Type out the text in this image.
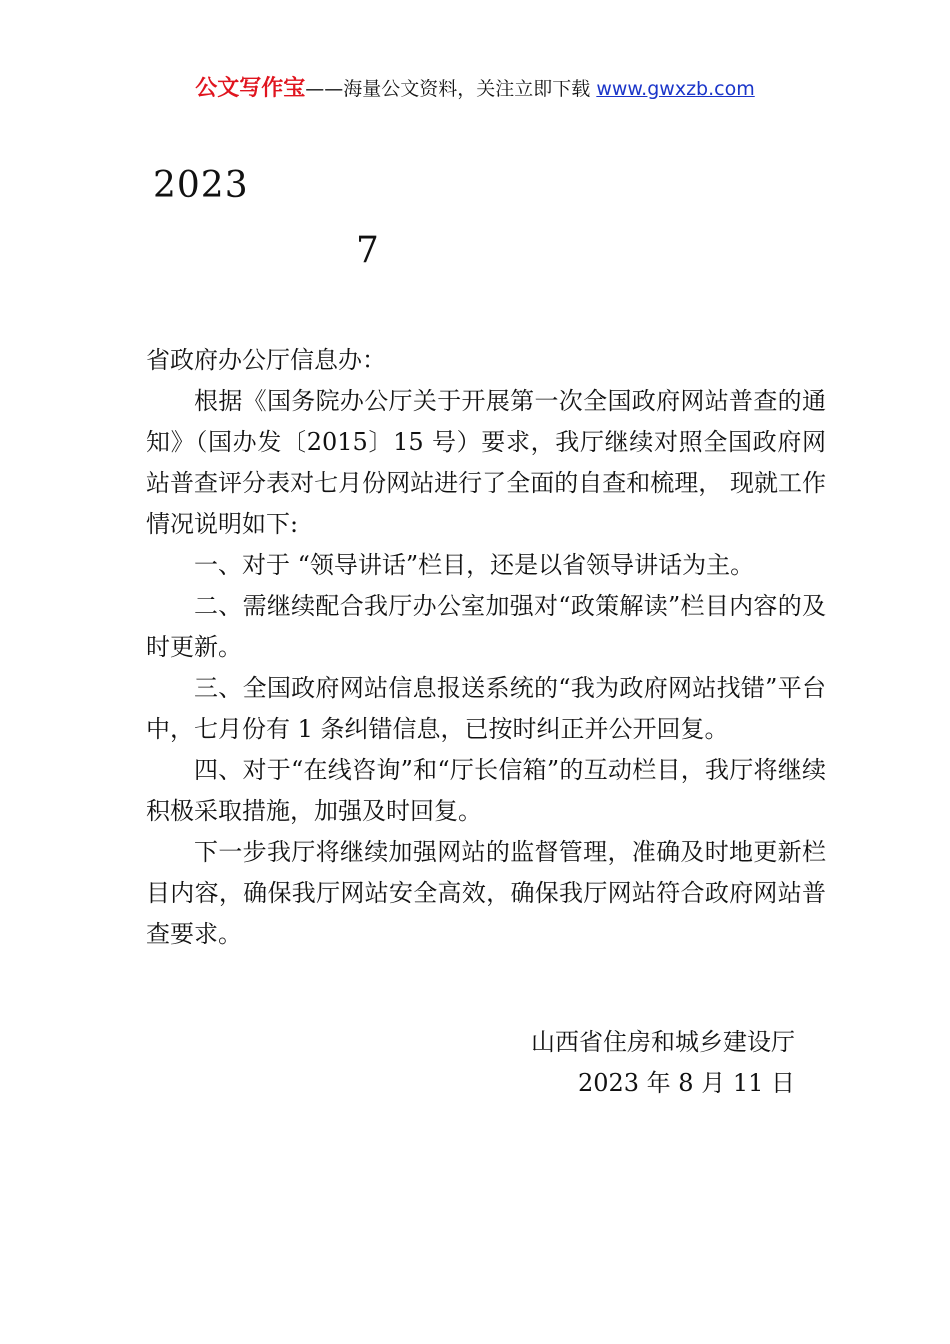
公文写作宝——海量公文资料，关注立即下载 www.gwxzb.com
2023
7

省政府办公厅信息办：

根据《国务院办公厅关于开展第一次全国政府网站普查的通知》（国办发〔2015〕15 号）要求，我厅继续对照全国政府网站普查评分表对七月份网站进行了全面的自查和梳理， 现就工作情况说明如下:

一、对于 “领导讲话”栏目，还是以省领导讲话为主。

二、需继续配合我厅办公室加强对“政策解读”栏目内容的及时更新。

三、全国政府网站信息报送系统的“我为政府网站找错”平台中，七月份有 1 条纠错信息，已按时纠正并公开回复。

四、对于“在线咨询”和“厅长信箱”的互动栏目，我厅将继续积极采取措施，加强及时回复。

下一步我厅将继续加强网站的监督管理，准确及时地更新栏目内容，确保我厅网站安全高效，确保我厅网站符合政府网站普查要求。

山西省住房和城乡建设厅
2023 年 8 月 11 日
